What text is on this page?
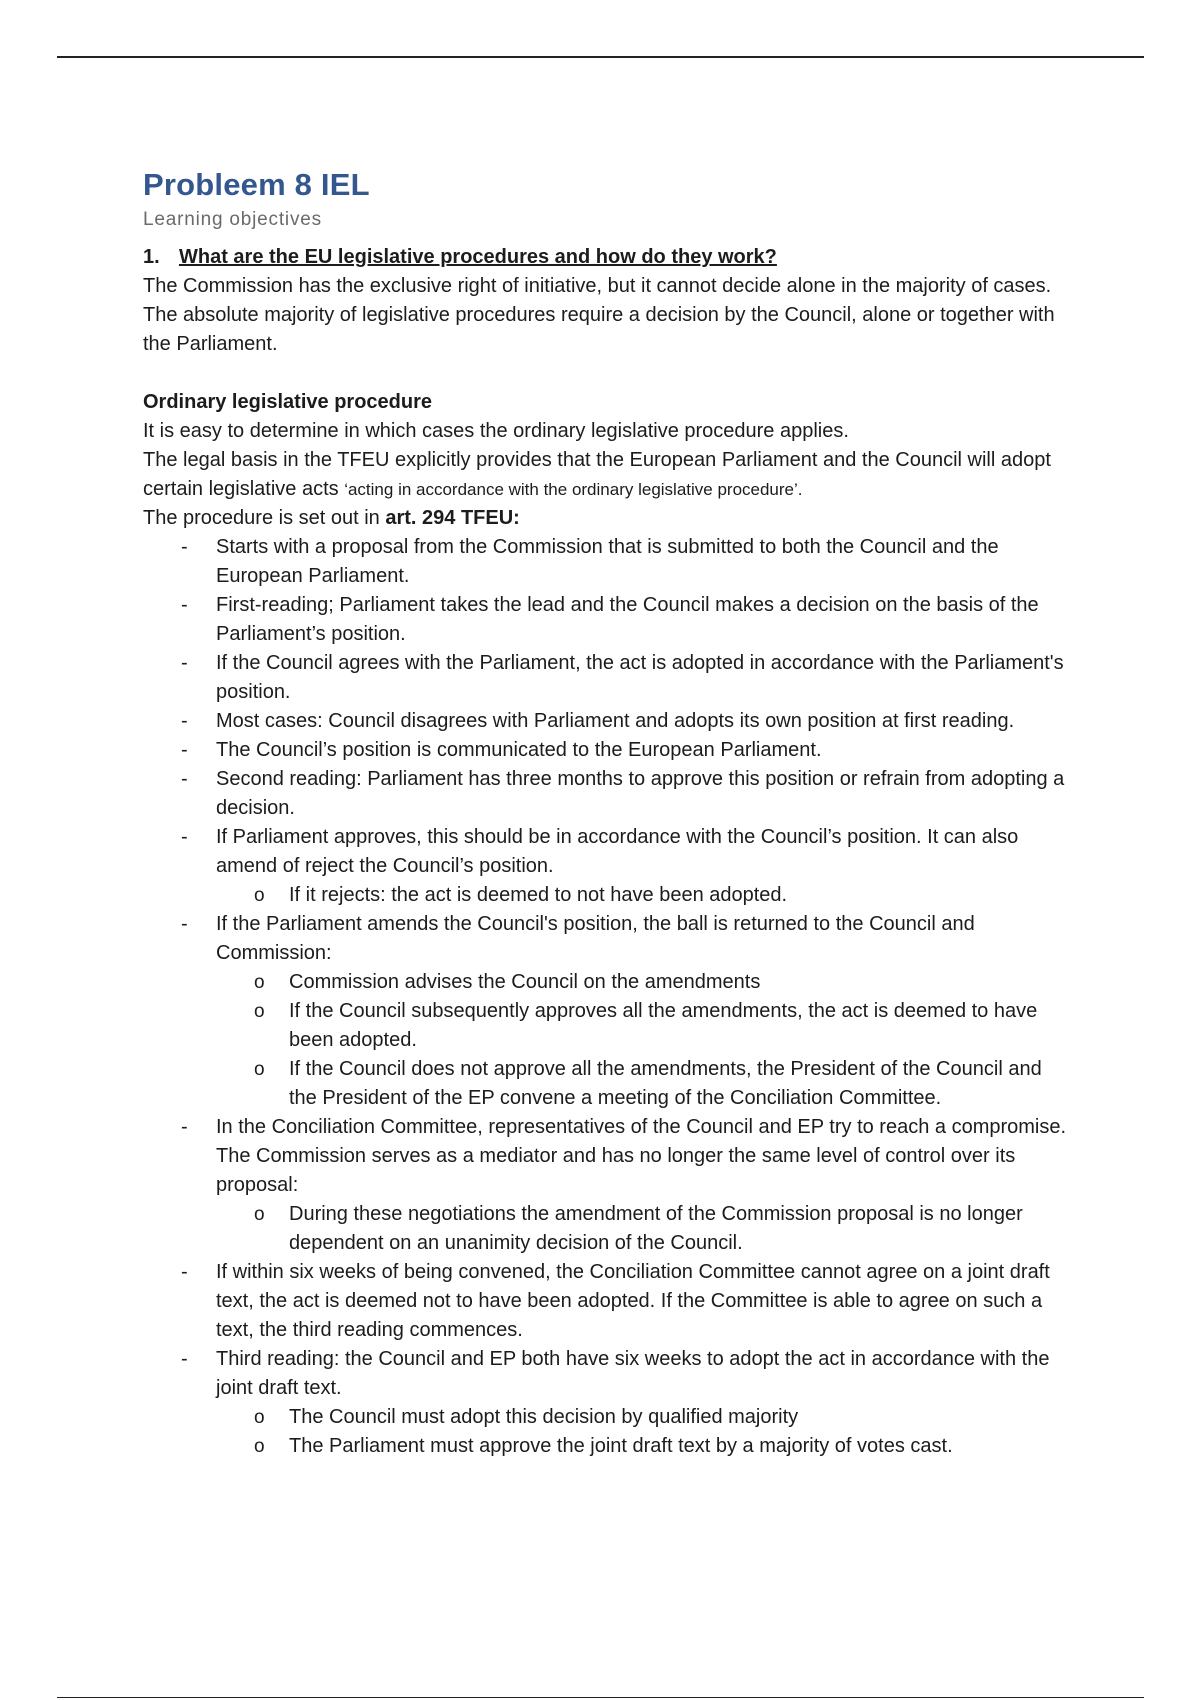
Probleem 8 IEL
Learning objectives
1. What are the EU legislative procedures and how do they work?

The Commission has the exclusive right of initiative, but it cannot decide alone in the majority of cases. The absolute majority of legislative procedures require a decision by the Council, alone or together with the Parliament.

Ordinary legislative procedure

It is easy to determine in which cases the ordinary legislative procedure applies.

The legal basis in the TFEU explicitly provides that the European Parliament and the Council will adopt certain legislative acts ‘acting in accordance with the ordinary legislative procedure’.

The procedure is set out in art. 294 TFEU:

- Starts with a proposal from the Commission that is submitted to both the Council and the European Parliament.
- First-reading; Parliament takes the lead and the Council makes a decision on the basis of the Parliament’s position.
- If the Council agrees with the Parliament, the act is adopted in accordance with the Parliament's position.
- Most cases: Council disagrees with Parliament and adopts its own position at first reading.
- The Council’s position is communicated to the European Parliament.
- Second reading: Parliament has three months to approve this position or refrain from adopting a decision.
- If Parliament approves, this should be in accordance with the Council’s position. It can also amend of reject the Council’s position.
o If it rejects: the act is deemed to not have been adopted.
- If the Parliament amends the Council's position, the ball is returned to the Council and Commission:
o Commission advises the Council on the amendments
o If the Council subsequently approves all the amendments, the act is deemed to have been adopted.
o If the Council does not approve all the amendments, the President of the Council and the President of the EP convene a meeting of the Conciliation Committee.
- In the Conciliation Committee, representatives of the Council and EP try to reach a compromise. The Commission serves as a mediator and has no longer the same level of control over its proposal:
o During these negotiations the amendment of the Commission proposal is no longer dependent on an unanimity decision of the Council.
- If within six weeks of being convened, the Conciliation Committee cannot agree on a joint draft text, the act is deemed not to have been adopted. If the Committee is able to agree on such a text, the third reading commences.
- Third reading: the Council and EP both have six weeks to adopt the act in accordance with the joint draft text.
o The Council must adopt this decision by qualified majority
o The Parliament must approve the joint draft text by a majority of votes cast.
